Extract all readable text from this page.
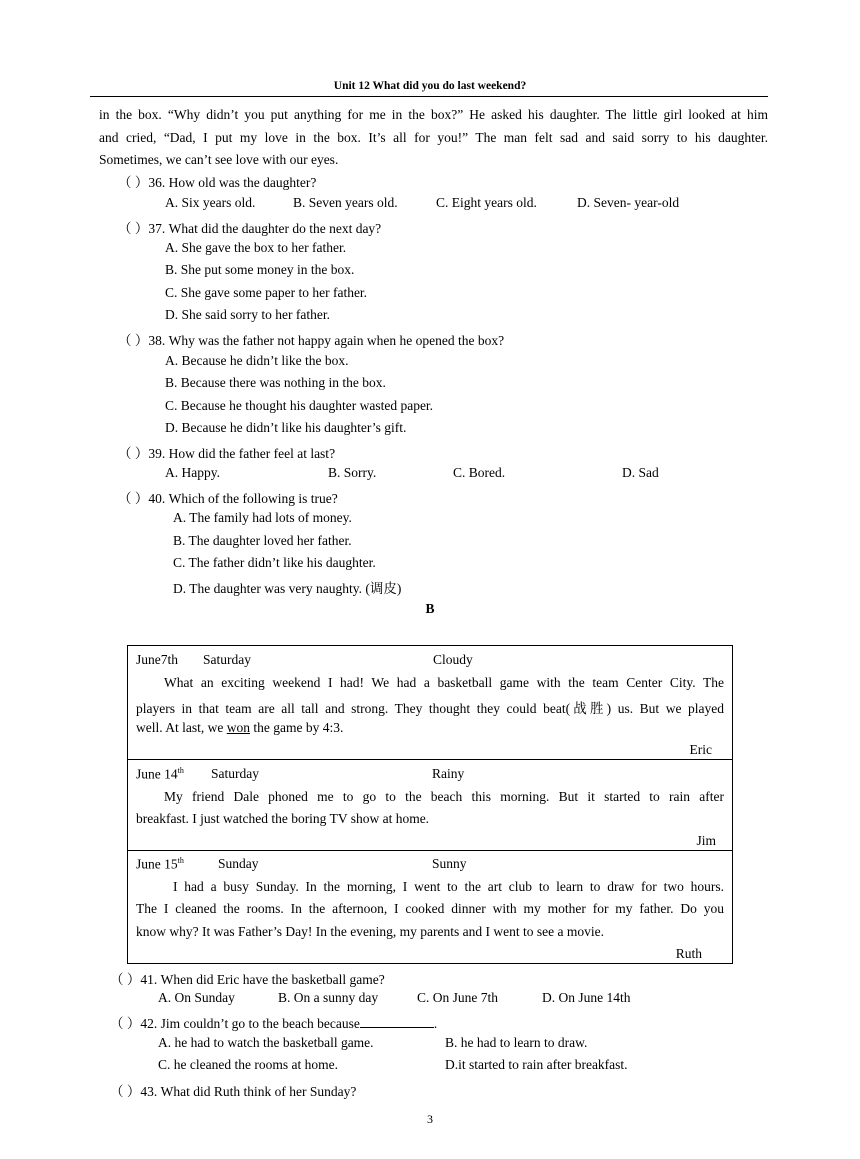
Unit 12 What did you do last weekend?
in the box. “Why didn’t you put anything for me in the box?” He asked his daughter. The little girl looked at him
and cried, “Dad, I put my love in the box. It’s all for you!” The man felt sad and said sorry to his daughter.
Sometimes, we can’t see love with our eyes.
（ ）36. How old was the daughter?
A. Six years old.	B. Seven years old.	C. Eight years old.	D. Seven- year-old
（ ）37. What did the daughter do the next day?
A. She gave the box to her father.
B. She put some money in the box.
C. She gave some paper to her father.
D. She said sorry to her father.
（ ）38. Why was the father not happy again when he opened the box?
A. Because he didn’t like the box.
B. Because there was nothing in the box.
C. Because he thought his daughter wasted paper.
D. Because he didn’t like his daughter’s gift.
（ ）39. How did the father feel at last?
A. Happy.	B. Sorry.	C. Bored.	D. Sad
（ ）40. Which of the following is true?
A. The family had lots of money.
B. The daughter loved her father.
C. The father didn’t like his daughter.
D. The daughter was very naughty. (调皮)
B
June7th Saturday	Cloudy
What an exciting weekend I had! We had a basketball game with the team Center City. The
players in that team are all tall and strong. They thought they could beat(战胜) us. But we played
well. At last, we won the game by 4:3.
Eric

June 14th Saturday	Rainy
My friend Dale phoned me to go to the beach this morning. But it started to rain after
breakfast. I just watched the boring TV show at home.
Jim

June 15th	Sunday	Sunny
I had a busy Sunday. In the morning, I went to the art club to learn to draw for two hours.
The I cleaned the rooms. In the afternoon, I cooked dinner with my mother for my father. Do you
know why? It was Father’s Day! In the evening, my parents and I went to see a movie.
Ruth
（ ）41. When did Eric have the basketball game?
A. On Sunday	B. On a sunny day	C. On June 7th	D. On June 14th
（ ）42. Jim couldn’t go to the beach because	.
A. he had to watch the basketball game.	B. he had to learn to draw.
C. he cleaned the rooms at home.	D.it started to rain after breakfast.
（ ）43. What did Ruth think of her Sunday?
3
